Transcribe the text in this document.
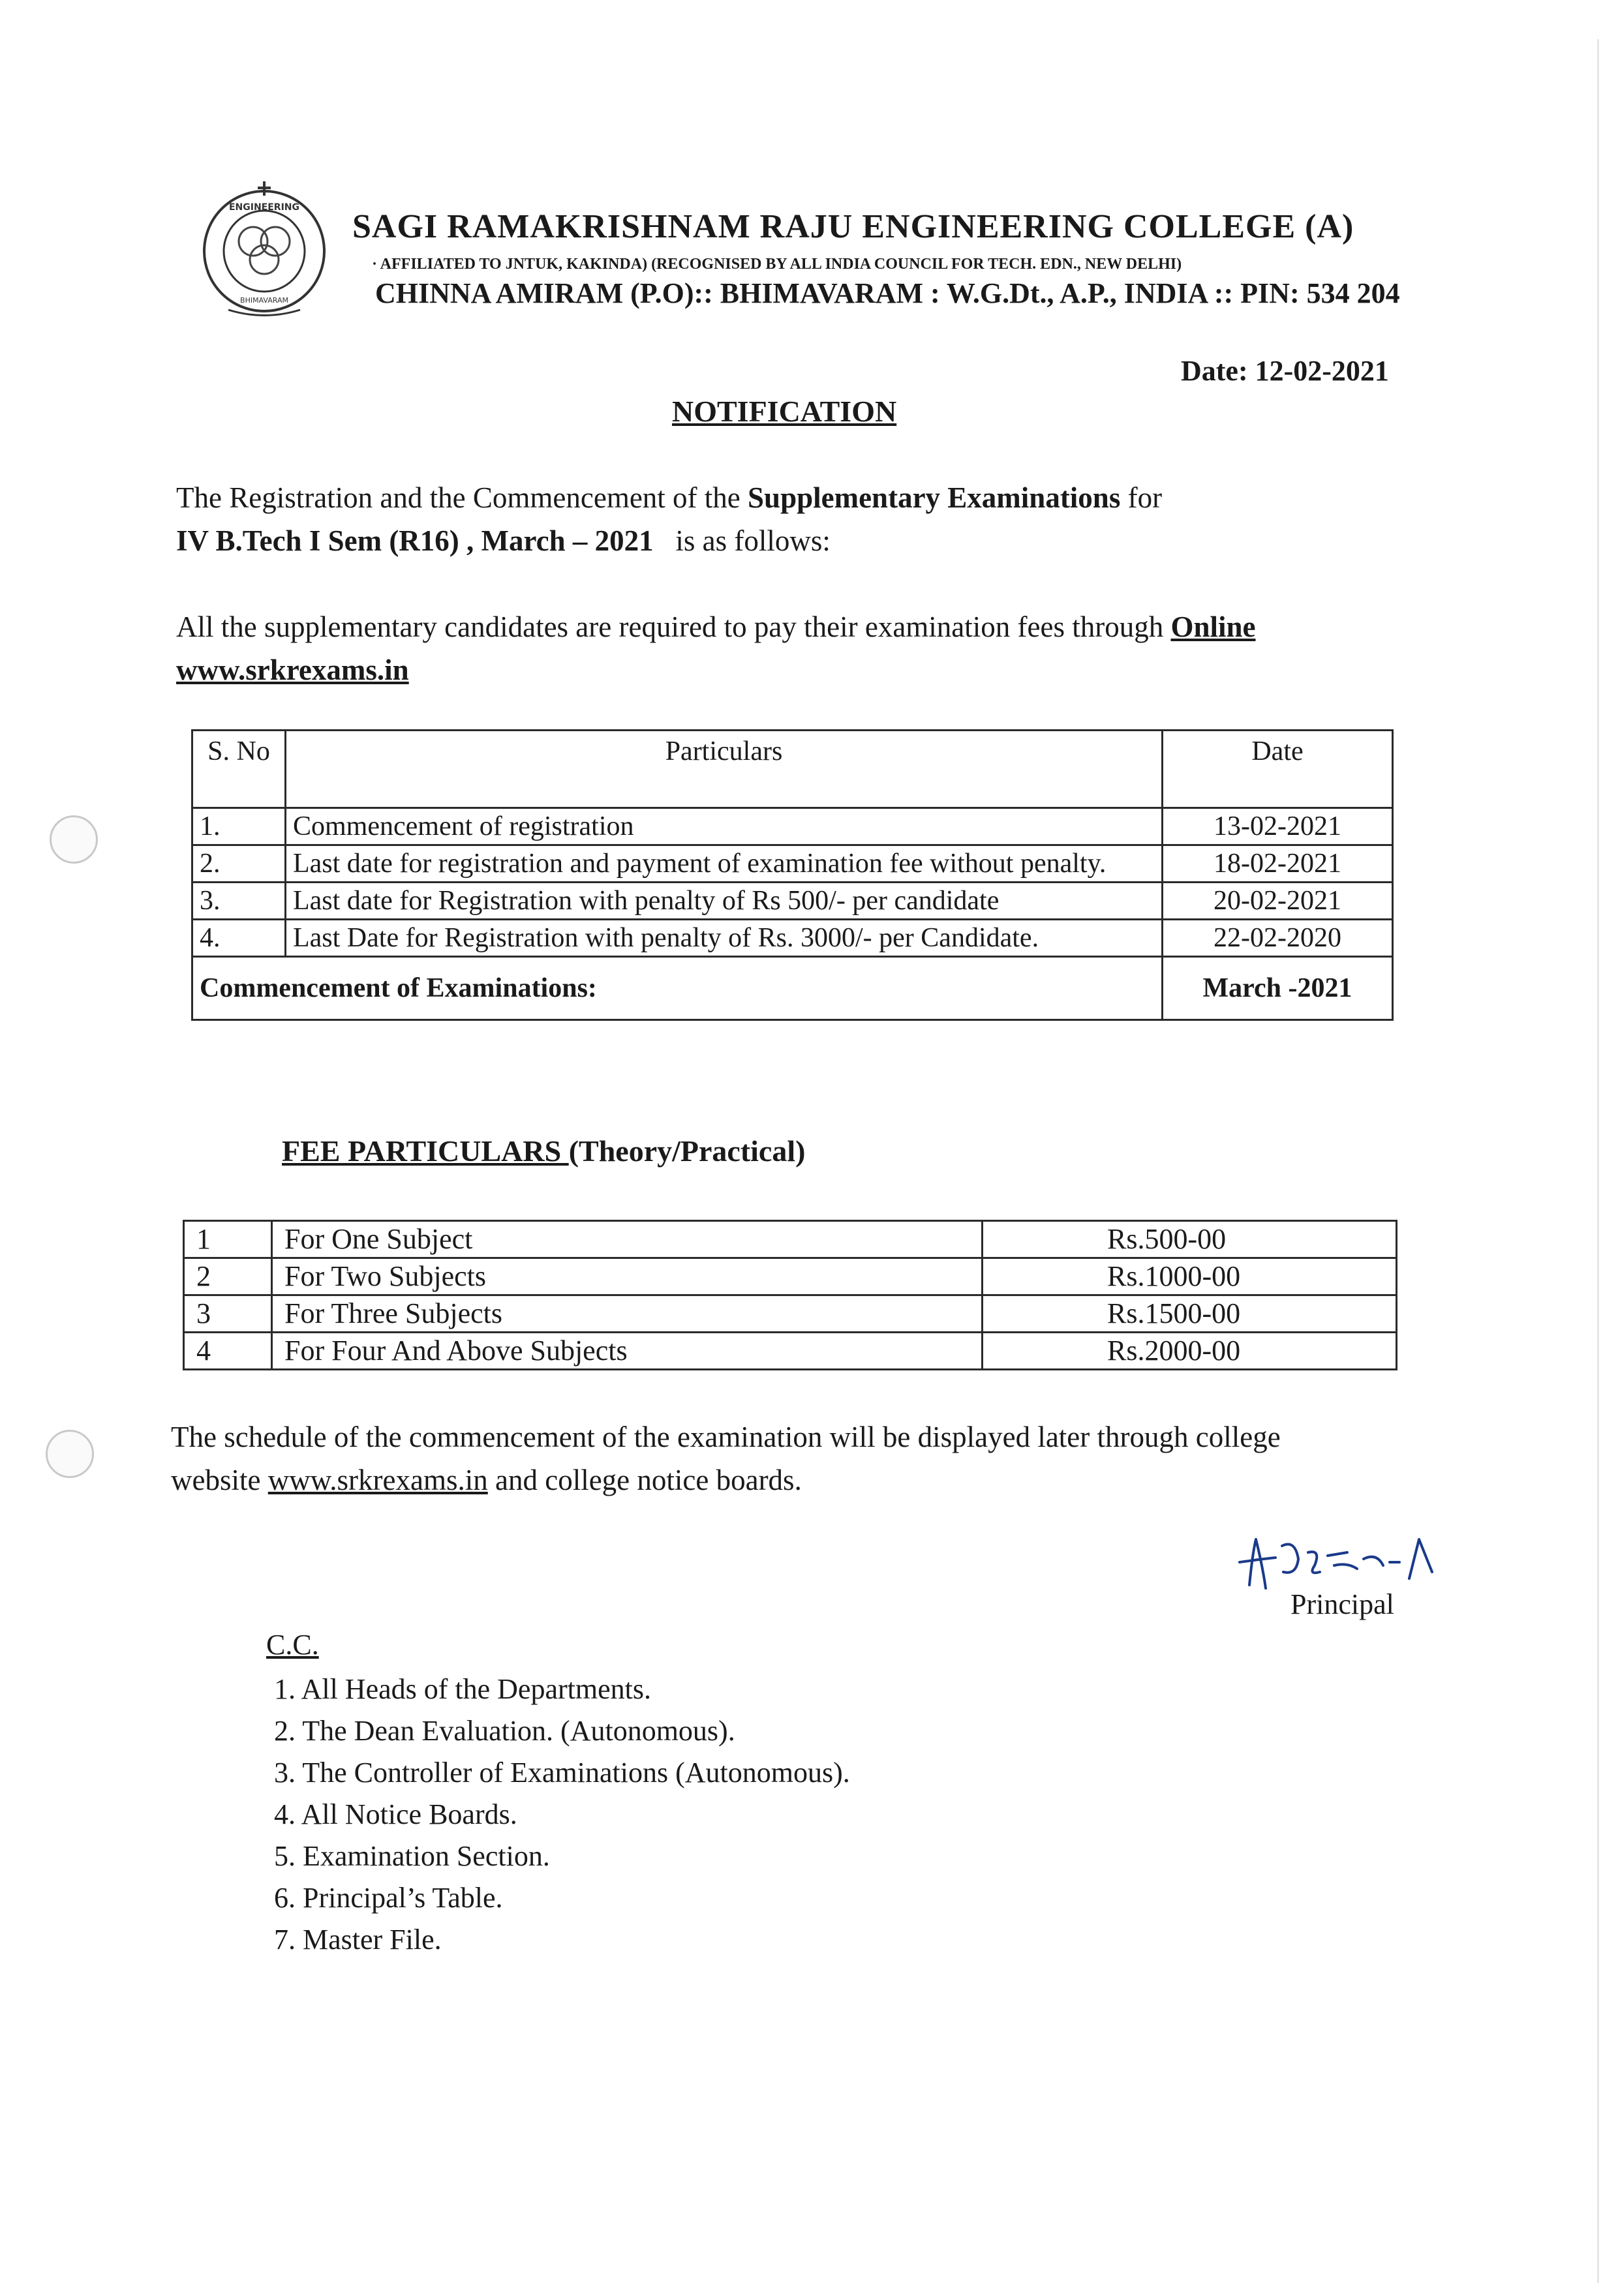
ENGINEERING
BHIMAVARAM
SAGI RAMAKRISHNAM RAJU ENGINEERING COLLEGE (A)
· AFFILIATED TO JNTUK, KAKINDA) (RECOGNISED BY ALL INDIA COUNCIL FOR TECH. EDN., NEW DELHI)
CHINNA AMIRAM (P.O):: BHIMAVARAM : W.G.Dt., A.P., INDIA :: PIN: 534 204
Date: 12-02-2021
NOTIFICATION
The Registration and the Commencement of the Supplementary Examinations for
IV B.Tech I Sem (R16) , March – 2021   is as follows:
All the supplementary candidates are required to pay their examination fees through Online
www.srkrexams.in
S. No	Particulars	Date
1.	Commencement of registration	13-02-2021
2.	Last date for registration and payment of examination fee without penalty.	18-02-2021
3.	Last date for Registration with penalty of Rs 500/- per candidate	20-02-2021
4.	Last Date for Registration with penalty of Rs. 3000/- per Candidate.	22-02-2020
Commencement of Examinations:		March -2021
FEE PARTICULARS (Theory/Practical)
1	For One Subject	Rs.500-00
2	For Two Subjects	Rs.1000-00
3	For Three Subjects	Rs.1500-00
4	For Four And Above Subjects	Rs.2000-00
The schedule of the commencement of the examination will be displayed later through college
website www.srkrexams.in and college notice boards.
Principal
C.C.
1. All Heads of the Departments.
2. The Dean Evaluation. (Autonomous).
3. The Controller of Examinations (Autonomous).
4. All Notice Boards.
5. Examination Section.
6. Principal’s Table.
7. Master File.
